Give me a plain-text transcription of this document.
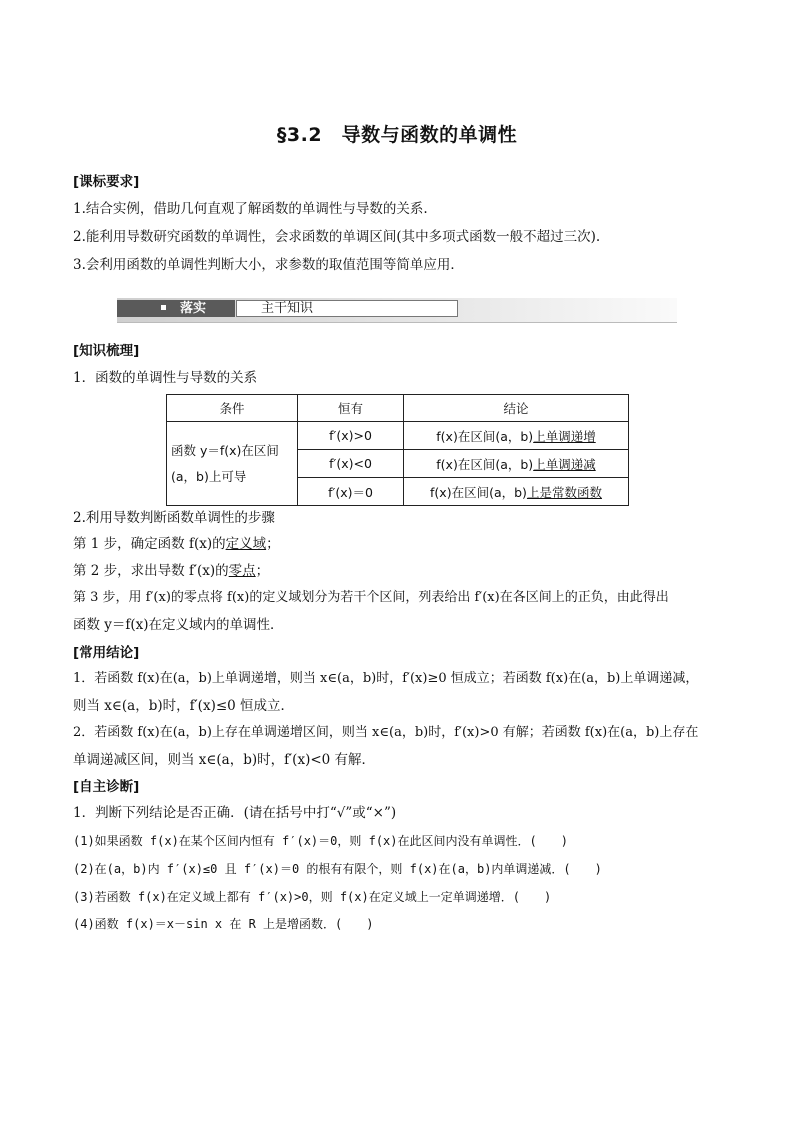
§3.2　导数与函数的单调性
[课标要求]
1.结合实例，借助几何直观了解函数的单调性与导数的关系.
2.能利用导数研究函数的单调性，会求函数的单调区间(其中多项式函数一般不超过三次).
3.会利用函数的单调性判断大小，求参数的取值范围等简单应用．
落实	主干知识
[知识梳理]
1．函数的单调性与导数的关系
条件	恒有	结论

函数 y＝f(x)在区间
(a，b)上可导	f′(x)>0	f(x)在区间(a，b)上单调递增
	f′(x)<0	f(x)在区间(a，b)上单调递减
	f′(x)＝0	f(x)在区间(a，b)上是常数函数
2.利用导数判断函数单调性的步骤
第 1 步，确定函数 f(x)的定义域；
第 2 步，求出导数 f′(x)的零点；
第 3 步，用 f′(x)的零点将 f(x)的定义域划分为若干个区间，列表给出 f′(x)在各区间上的正负，由此得出
函数 y＝f(x)在定义域内的单调性．
[常用结论]
1．若函数 f(x)在(a，b)上单调递增，则当 x∈(a，b)时，f′(x)≥0 恒成立；若函数 f(x)在(a，b)上单调递减，
则当 x∈(a，b)时，f′(x)≤0 恒成立．
2．若函数 f(x)在(a，b)上存在单调递增区间，则当 x∈(a，b)时，f′(x)>0 有解；若函数 f(x)在(a，b)上存在
单调递减区间，则当 x∈(a，b)时，f′(x)<0 有解．
[自主诊断]
1．判断下列结论是否正确．(请在括号中打“√”或“×”)
(1)如果函数 f(x)在某个区间内恒有 f′(x)＝0，则 f(x)在此区间内没有单调性．(　　)
(2)在(a，b)内 f′(x)≤0 且 f′(x)＝0 的根有有限个，则 f(x)在(a，b)内单调递减．(　　)
(3)若函数 f(x)在定义域上都有 f′(x)>0，则 f(x)在定义域上一定单调递增．(　　)
(4)函数 f(x)＝x－sin x 在 R 上是增函数．(　　)
